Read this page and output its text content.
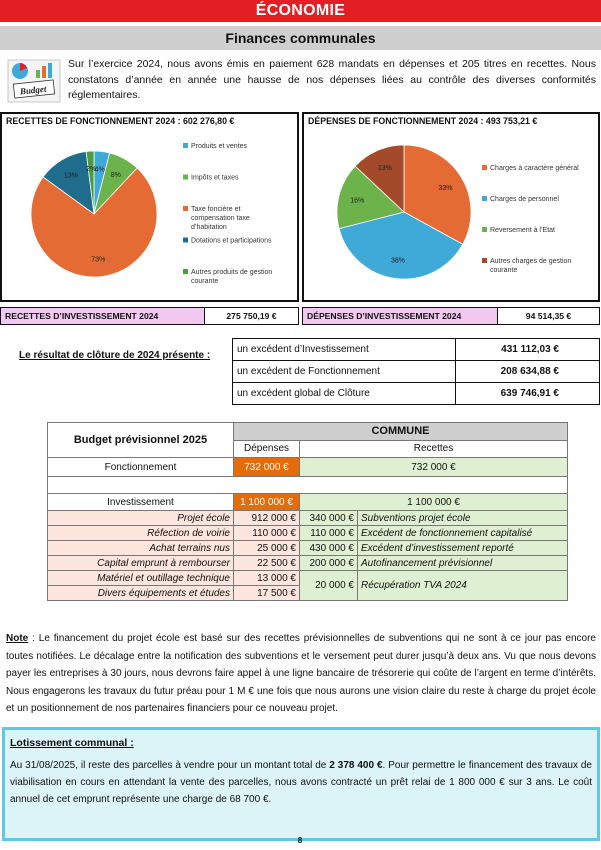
ÉCONOMIE
Finances communales
Budget
Sur l’exercice 2024, nous avons émis en paiement 628 mandats en dépenses et 205 titres en recettes. Nous constatons d’année en année une hausse de nos dépenses liées au contrôle des diverses conformités réglementaires.
RECETTES DE FONCTIONNEMENT 2024 : 602 276,80 €
4%
8%
73%
13%
2%
Produits et ventes
Impôts et taxes
Taxe foncière et compensation taxe d’habitation
Dotations et participations
Autres produits de gestion courante
DÉPENSES DE FONCTIONNEMENT 2024 : 493 753,21 €
33%
38%
16%
13%	Charges à caractère général
Charges de personnel
Reversement à l’Etat
Autres charges de gestion courante
RECETTES D’INVESTISSEMENT 2024	275 750,19 €	DÉPENSES D’INVESTISSEMENT 2024	94 514,35 €
Le résultat de clôture de 2024 présente :
un excédent d’Investissement	431 112,03 €
un excédent de Fonctionnement	208 634,88 €
un excédent global de Clôture	639 746,91 €
Budget prévisionnel 2025	COMMUNE		
	Dépenses	Recettes	
Fonctionnement	732 000 €	732 000 €	

Investissement	1 100 000 €	1 100 000 €	
Projet école	912 000 €	340 000 €	Subventions projet école
Réfection de voirie	110 000 €	110 000 €	Excédent de fonctionnement capitalisé
Achat terrains nus	25 000 €	430 000 €	Excédent d’investissement reporté
Capital emprunt à rembourser	22 500 €	200 000 €	Autofinancement prévisionnel
Matériel et outillage technique	13 000 €	20 000 €	Récupération TVA 2024
Divers équipements et études	17 500 €		
Note : Le financement du projet école est basé sur des recettes prévisionnelles de subventions qui ne sont à ce jour pas encore toutes notifiées. Le décalage entre la notification des subventions et le versement peut durer jusqu’à deux ans. Vu que nous devons payer les entreprises à 30 jours, nous devrons faire appel à une ligne bancaire de trésorerie qui coûte de l’argent en terme d’intérêts. Nous engagerons les travaux du futur préau pour 1 M € une fois que nous aurons une vision claire du reste à charge du projet école et un positionnement de nos partenaires financiers pour ce nouveau projet.
Lotissement communal :
Au 31/08/2025, il reste des parcelles à vendre pour un montant total de 2 378 400 €. Pour permettre le financement des travaux de viabilisation en cours en attendant la vente des parcelles, nous avons contracté un prêt relai de 1 800 000 € sur 3 ans. Le coût annuel de cet emprunt représente une charge de 68 700 €.
8
